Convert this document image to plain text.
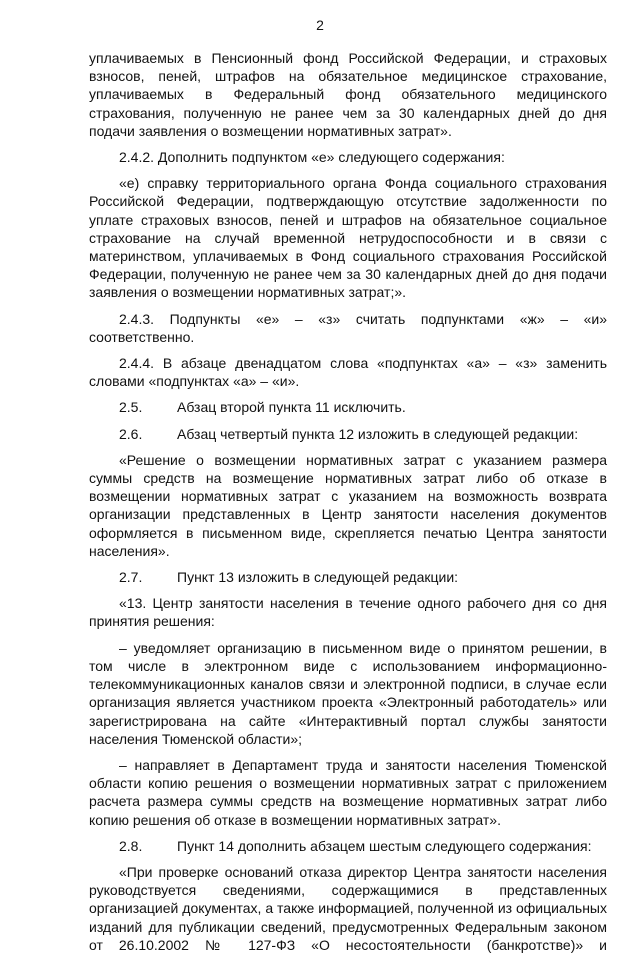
2

уплачиваемых в Пенсионный фонд Российской Федерации, и страховых взносов, пеней, штрафов на обязательное медицинское страхование, уплачиваемых в Федеральный фонд обязательного медицинского страхования, полученную не ранее чем за 30 календарных дней до дня подачи заявления о возмещении нормативных затрат».

2.4.2. Дополнить подпунктом «е» следующего содержания:

«е) справку территориального органа Фонда социального страхования Российской Федерации, подтверждающую отсутствие задолженности по уплате страховых взносов, пеней и штрафов на обязательное социальное страхование на случай временной нетрудоспособности и в связи с материнством, уплачиваемых в Фонд социального страхования Российской Федерации, полученную не ранее чем за 30 календарных дней до дня подачи заявления о возмещении нормативных затрат;».

2.4.3. Подпункты «е» – «з» считать подпунктами «ж» – «и» соответственно.

2.4.4. В абзаце двенадцатом слова «подпунктах «а» – «з» заменить словами «подпунктах «а» – «и».

2.5.	Абзац второй пункта 11 исключить.
2.6.	Абзац четвертый пункта 12 изложить в следующей редакции:

«Решение о возмещении нормативных затрат с указанием размера суммы средств на возмещение нормативных затрат либо об отказе в возмещении нормативных затрат с указанием на возможность возврата организации представленных в Центр занятости населения документов оформляется в письменном виде, скрепляется печатью Центра занятости населения».

2.7.	Пункт 13 изложить в следующей редакции:

«13. Центр занятости населения в течение одного рабочего дня со дня принятия решения:

– уведомляет организацию в письменном виде о принятом решении, в том числе в электронном виде с использованием информационно-телекоммуникационных каналов связи и электронной подписи, в случае если организация является участником проекта «Электронный работодатель» или зарегистрирована на сайте «Интерактивный портал службы занятости населения Тюменской области»;

– направляет в Департамент труда и занятости населения Тюменской области копию решения о возмещении нормативных затрат с приложением расчета размера суммы средств на возмещение нормативных затрат либо копию решения об отказе в возмещении нормативных затрат».

2.8.	Пункт 14 дополнить абзацем шестым следующего содержания:

«При проверке оснований отказа директор Центра занятости населения руководствуется сведениями, содержащимися в представленных организацией документах, а также информацией, полученной из официальных изданий для публикации сведений, предусмотренных Федеральным законом от 26.10.2002 № 127-ФЗ «О несостоятельности (банкротстве)» и
